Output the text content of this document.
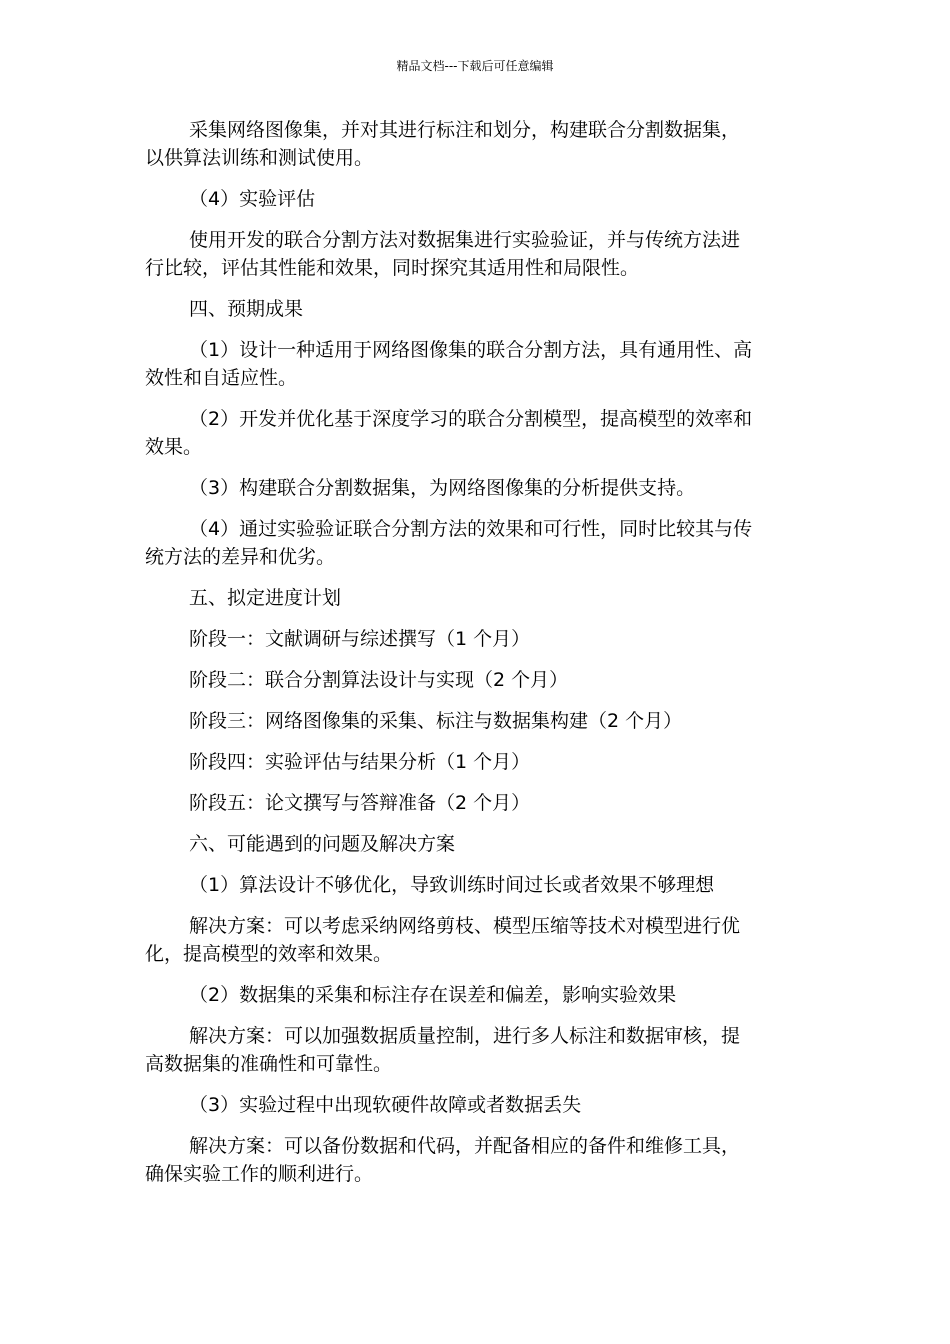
精品文档---下载后可任意编辑

采集网络图像集，并对其进行标注和划分，构建联合分割数据集，
以供算法训练和测试使用。

（4）实验评估

使用开发的联合分割方法对数据集进行实验验证，并与传统方法进
行比较，评估其性能和效果，同时探究其适用性和局限性。

四、预期成果

（1）设计一种适用于网络图像集的联合分割方法，具有通用性、高
效性和自适应性。

（2）开发并优化基于深度学习的联合分割模型，提高模型的效率和
效果。

（3）构建联合分割数据集，为网络图像集的分析提供支持。

（4）通过实验验证联合分割方法的效果和可行性，同时比较其与传
统方法的差异和优劣。

五、拟定进度计划

阶段一：文献调研与综述撰写（1 个月）

阶段二：联合分割算法设计与实现（2 个月）

阶段三：网络图像集的采集、标注与数据集构建（2 个月）

阶段四：实验评估与结果分析（1 个月）

阶段五：论文撰写与答辩准备（2 个月）

六、可能遇到的问题及解决方案

（1）算法设计不够优化，导致训练时间过长或者效果不够理想

解决方案：可以考虑采纳网络剪枝、模型压缩等技术对模型进行优
化，提高模型的效率和效果。

（2）数据集的采集和标注存在误差和偏差，影响实验效果

解决方案：可以加强数据质量控制，进行多人标注和数据审核，提
高数据集的准确性和可靠性。

（3）实验过程中出现软硬件故障或者数据丢失

解决方案：可以备份数据和代码，并配备相应的备件和维修工具，
确保实验工作的顺利进行。
